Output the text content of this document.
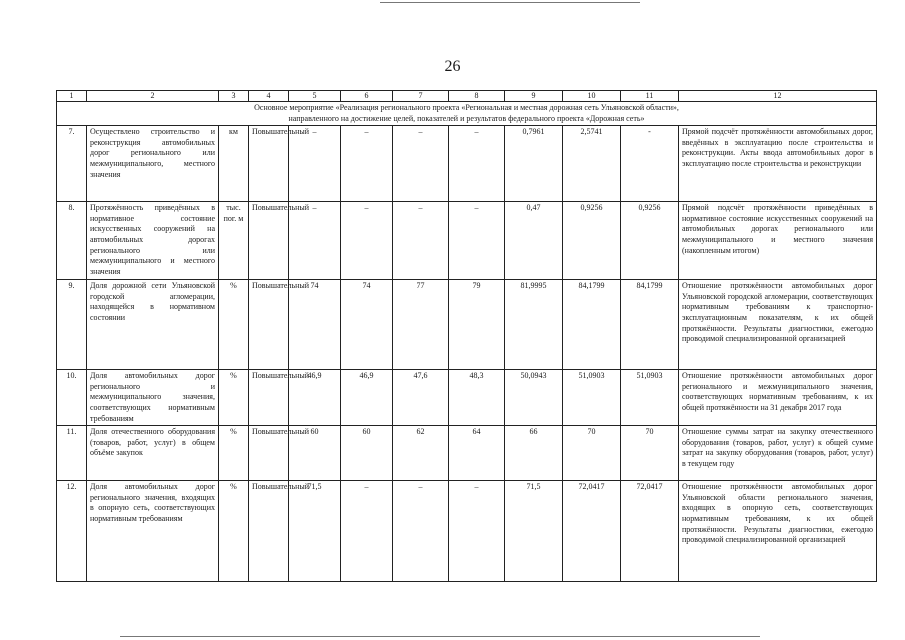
26
1	2	3	4	5	6	7	8	9	10	11	12

Основное мероприятие «Реализация регионального проекта «Региональная и местная дорожная сеть Ульяновской области»,
направленного на достижение целей, показателей и результатов федерального проекта «Дорожная сеть»											

7.	Осуществлено строительство и реконструкция автомобильных дорог регионального или межмуниципального, местного значения	км	Повышательный	–	–	–	–	0,7961	2,5741	-	Прямой подсчёт протяжённости автомобильных дорог, введённых в эксплуатацию после строительства и реконструкции. Акты ввода автомобильных дорог в эксплуатацию после строительства и реконструкции
8.	Протяжённость приведённых в нормативное состояние искусственных сооружений на автомобильных дорогах регионального или межмуниципального и местного значения	тыс. пог. м	Повышательный	–	–	–	–	0,47	0,9256	0,9256	Прямой подсчёт протяжённости приведённых в нормативное состояние искусственных сооружений на автомобильных дорогах регионального или межмуниципального и местного значения (накопленным итогом)
9.	Доля дорожной сети Ульяновской городской агломерации, находящейся в нормативном состоянии	%	Повышательный	74	74	77	79	81,9995	84,1799	84,1799	Отношение протяжённости автомобильных дорог Ульяновской городской агломерации, соответствующих нормативным требованиям к транспортно-эксплуатационным показателям, к их общей протяжённости. Результаты диагностики, ежегодно проводимой специализированной организацией
10.	Доля автомобильных дорог регионального и межмуниципального значения, соответствующих нормативным требованиям	%	Повышательный	46,9	46,9	47,6	48,3	50,0943	51,0903	51,0903	Отношение протяжённости автомобильных дорог регионального и межмуниципального значения, соответствующих нормативным требованиям, к их общей протяжённости на 31 декабря 2017 года
11.	Доля отечественного оборудования (товаров, работ, услуг) в общем объёме закупок	%	Повышательный	60	60	62	64	66	70	70	Отношение суммы затрат на закупку отечественного оборудования (товаров, работ, услуг) к общей сумме затрат на закупку оборудования (товаров, работ, услуг) в текущем году
12.	Доля автомобильных дорог регионального значения, входящих в опорную сеть, соответствующих нормативным требованиям	%	Повышательный	71,5	–	–	–	71,5	72,0417	72,0417	Отношение протяжённости автомобильных дорог Ульяновской области регионального значения, входящих в опорную сеть, соответствующих нормативным требованиям, к их общей протяжённости. Результаты диагностики, ежегодно проводимой специализированной организацией
